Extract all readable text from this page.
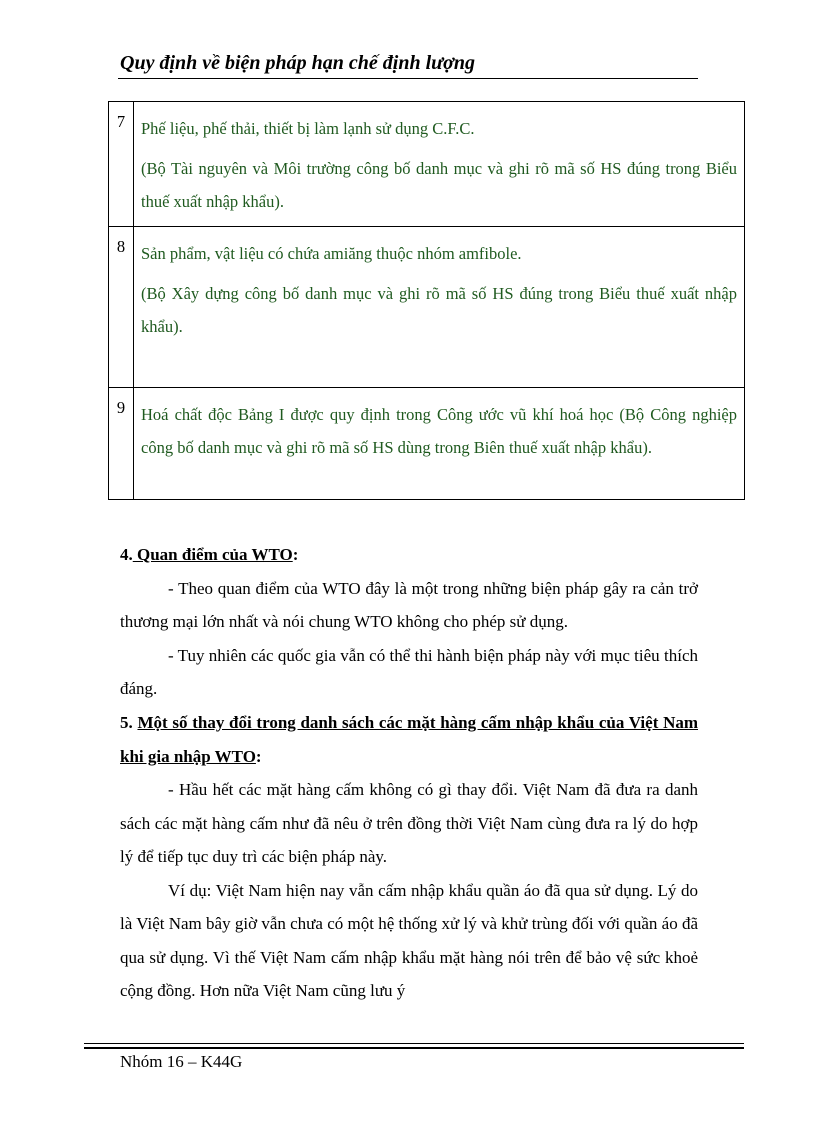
Quy định về biện pháp hạn chế định lượng
7	Phế liệu, phế thải, thiết bị làm lạnh sử dụng C.F.C.

(Bộ Tài nguyên và Môi trường công bố danh mục và ghi rõ mã số HS đúng trong Biểu thuế xuất nhập khẩu).

8	Sản phẩm, vật liệu có chứa amiăng thuộc nhóm amfibole.

(Bộ Xây dựng công bố danh mục và ghi rõ mã số HS đúng trong Biểu thuế xuất nhập khẩu).

9	Hoá chất độc Bảng I được quy định trong Công ước vũ khí hoá học (Bộ Công nghiệp công bố danh mục và ghi rõ mã số HS dùng trong Biên thuế xuất nhập khẩu).

4. Quan điểm của WTO:

- Theo quan điểm của WTO đây là một trong những biện pháp gây ra cản trở thương mại lớn nhất và nói chung WTO không cho phép sử dụng.

- Tuy nhiên các quốc gia vẫn có thể thi hành biện pháp này với mục tiêu thích đáng.

5. Một số thay đổi trong danh sách các mặt hàng cấm nhập khẩu của Việt Nam khi gia nhập WTO:

- Hầu hết các mặt hàng cấm không có gì thay đổi. Việt Nam đã đưa ra danh sách các mặt hàng cấm như đã nêu ở trên đồng thời Việt Nam cùng đưa ra lý do hợp lý để tiếp tục duy trì các biện pháp này.

Ví dụ: Việt Nam hiện nay vẫn cấm nhập khẩu quần áo đã qua sử dụng. Lý do là Việt Nam bây giờ vẫn chưa có một hệ thống xử lý và khử trùng đối với quần áo đã qua sử dụng. Vì thế Việt Nam cấm nhập khẩu mặt hàng nói trên để bảo vệ sức khoẻ cộng đồng. Hơn nữa Việt Nam cũng lưu ý

Nhóm 16 – K44G
